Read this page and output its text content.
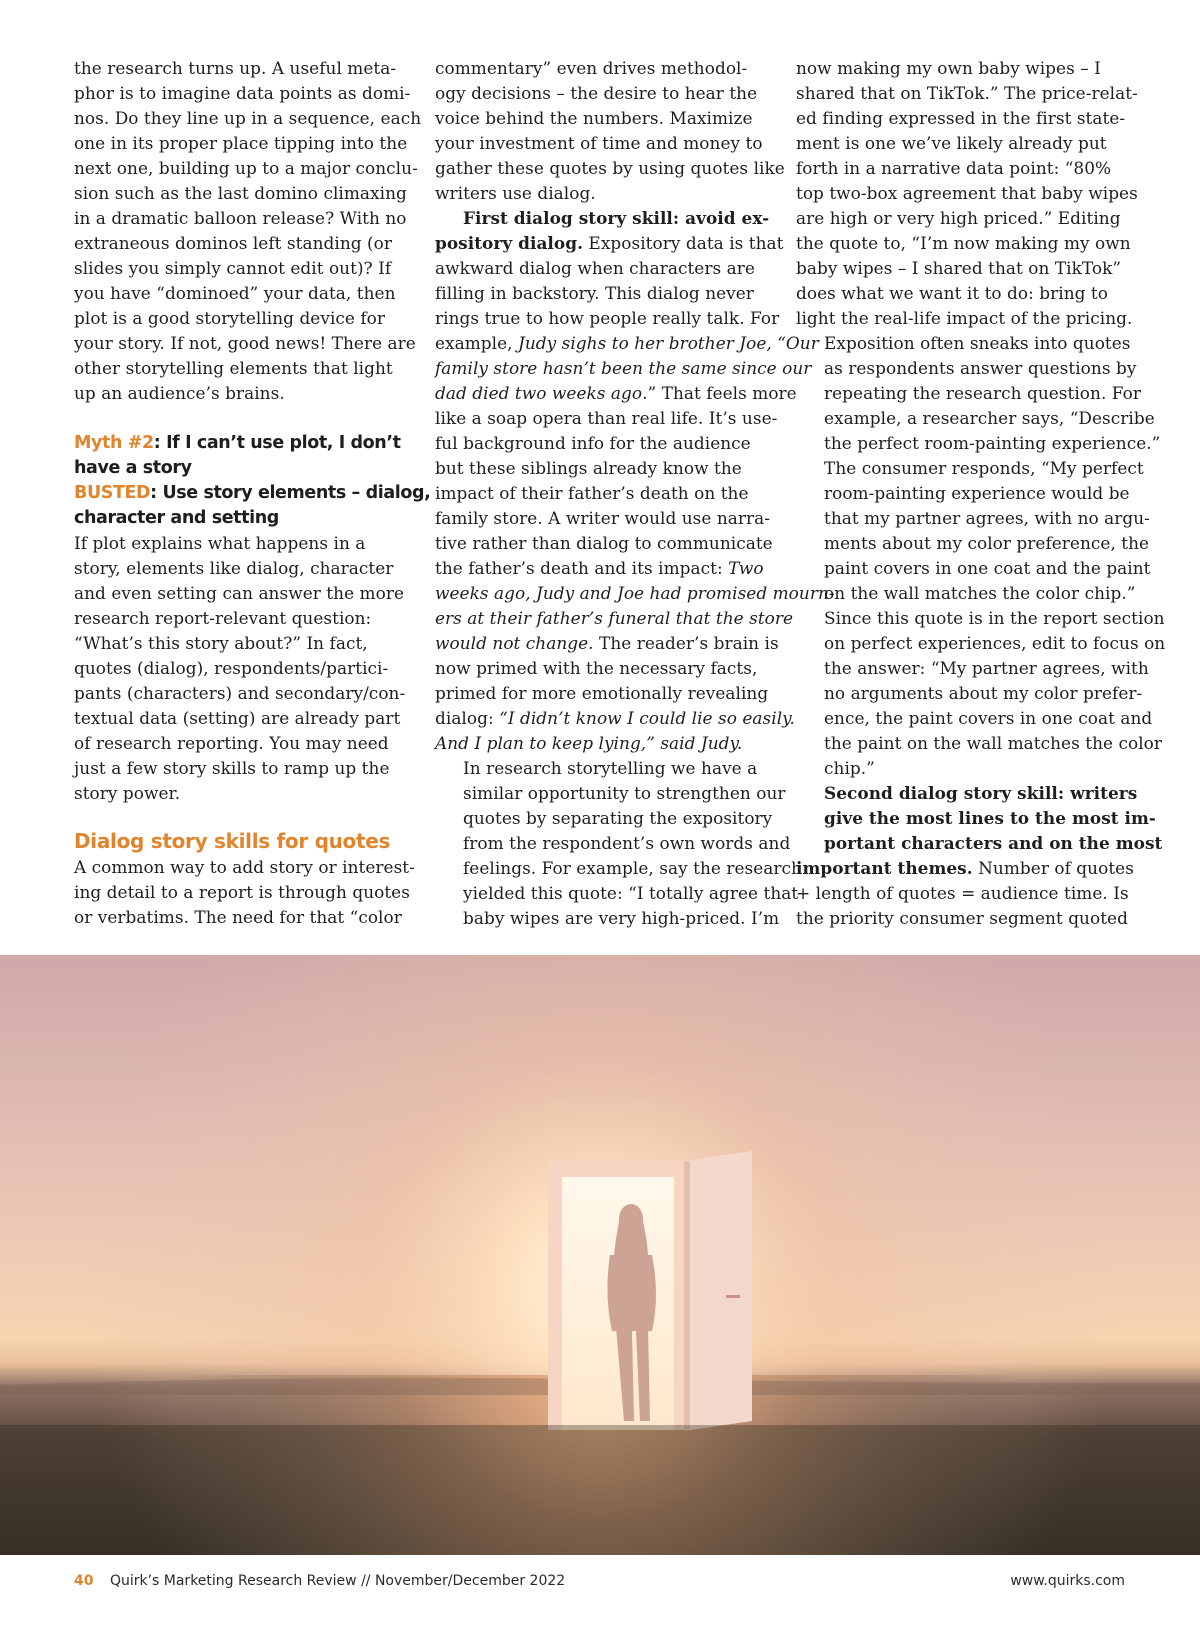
the research turns up. A useful meta-
phor is to imagine data points as domi-
nos. Do they line up in a sequence, each
one in its proper place tipping into the
next one, building up to a major conclu-
sion such as the last domino climaxing
in a dramatic balloon release? With no
extraneous dominos left standing (or
slides you simply cannot edit out)? If
you have “dominoed” your data, then
plot is a good storytelling device for
your story. If not, good news! There are
other storytelling elements that light
up an audience’s brains.

Myth #2: If I can’t use plot, I don’t
have a story
BUSTED: Use story elements – dialog,
character and setting

If plot explains what happens in a
story, elements like dialog, character
and even setting can answer the more
research report-relevant question:
“What’s this story about?” In fact,
quotes (dialog), respondents/partici-
pants (characters) and secondary/con-
textual data (setting) are already part
of research reporting. You may need
just a few story skills to ramp up the
story power.

Dialog story skills for quotes

A common way to add story or interest-
ing detail to a report is through quotes
or verbatims. The need for that “color

commentary” even drives methodol-
ogy decisions – the desire to hear the
voice behind the numbers. Maximize
your investment of time and money to
gather these quotes by using quotes like
writers use dialog.

First dialog story skill: avoid ex-
pository dialog. Expository data is that
awkward dialog when characters are
filling in backstory. This dialog never
rings true to how people really talk. For
example, Judy sighs to her brother Joe, “Our
family store hasn’t been the same since our
dad died two weeks ago.” That feels more
like a soap opera than real life. It’s use-
ful background info for the audience
but these siblings already know the
impact of their father’s death on the
family store. A writer would use narra-
tive rather than dialog to communicate
the father’s death and its impact: Two
weeks ago, Judy and Joe had promised mourn-
ers at their father’s funeral that the store
would not change. The reader’s brain is
now primed with the necessary facts,
primed for more emotionally revealing
dialog: “I didn’t know I could lie so easily.
And I plan to keep lying,” said Judy.

In research storytelling we have a
similar opportunity to strengthen our
quotes by separating the expository
from the respondent’s own words and
feelings. For example, say the research
yielded this quote: “I totally agree that
baby wipes are very high-priced. I’m

now making my own baby wipes – I
shared that on TikTok.” The price-relat-
ed finding expressed in the first state-
ment is one we’ve likely already put
forth in a narrative data point: “80%
top two-box agreement that baby wipes
are high or very high priced.” Editing
the quote to, “I’m now making my own
baby wipes – I shared that on TikTok”
does what we want it to do: bring to
light the real-life impact of the pricing.

Exposition often sneaks into quotes
as respondents answer questions by
repeating the research question. For
example, a researcher says, “Describe
the perfect room-painting experience.”
The consumer responds, “My perfect
room-painting experience would be
that my partner agrees, with no argu-
ments about my color preference, the
paint covers in one coat and the paint
on the wall matches the color chip.”
Since this quote is in the report section
on perfect experiences, edit to focus on
the answer: “My partner agrees, with
no arguments about my color prefer-
ence, the paint covers in one coat and
the paint on the wall matches the color
chip.”

Second dialog story skill: writers
give the most lines to the most im-
portant characters and on the most
important themes. Number of quotes
+ length of quotes = audience time. Is
the priority consumer segment quoted

40 Quirk’s Marketing Research Review // November/December 2022	www.quirks.com
